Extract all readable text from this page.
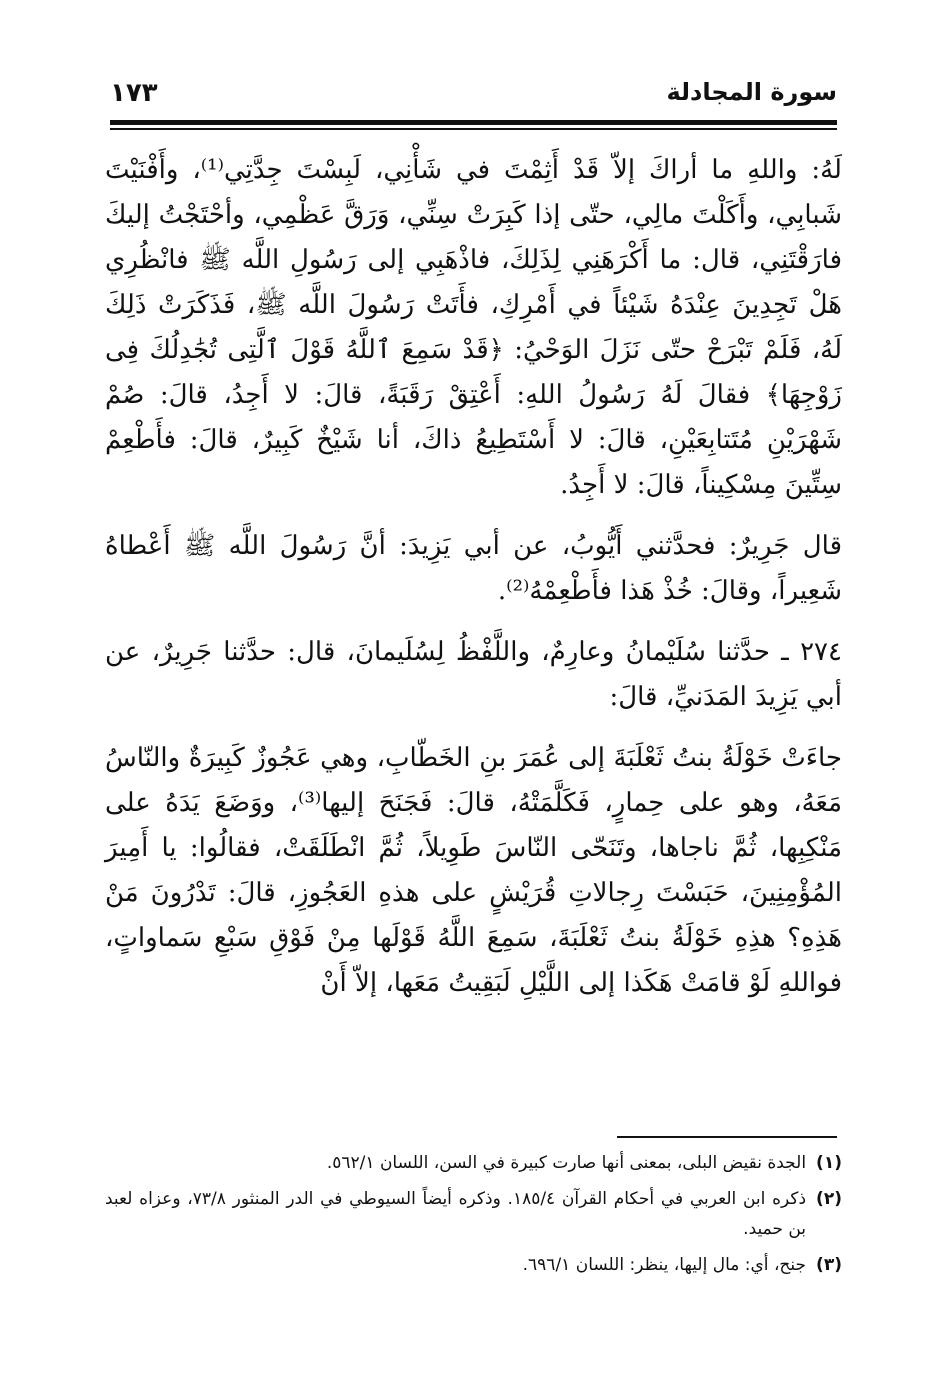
١٧٣	سورة المجادلة

لَهُ: واللهِ ما أراكَ إلاّ قَدْ أَثِمْتَ في شَأْنِي، لَبِسْتَ جِدَّتِي⁽¹⁾، وأَفْنَيْتَ شَبابِي، وأَكَلْتَ مالِي، حتّى إذا كَبِرَتْ سِنِّي، وَرَقَّ عَظْمِي، وأحْتَجْتُ إليكَ فارَقْتَنِي، قال: ما أَكْرَهَنِي لِذَلِكَ، فاذْهَبِي إلى رَسُولِ اللَّه ﷺ فانْظُرِي هَلْ تَجِدِينَ عِنْدَهُ شَيْئاً في أَمْرِكِ، فأَتَتْ رَسُولَ اللَّه ﷺ، فَذَكَرَتْ ذَلِكَ لَهُ، فَلَمْ تَبْرَحْ حتّى نَزَلَ الوَحْيُ: ﴿قَدْ سَمِعَ ٱللَّهُ قَوْلَ ٱلَّتِى تُجَٰدِلُكَ فِى زَوْجِهَا﴾ فقالَ لَهُ رَسُولُ اللهِ: أَعْتِقْ رَقَبَةً، قالَ: لا أَجِدُ، قالَ: صُمْ شَهْرَيْنِ مُتَتابِعَيْنِ، قالَ: لا أَسْتَطِيعُ ذاكَ، أنا شَيْخٌ كَبِيرٌ، قالَ: فأَطْعِمْ سِتِّينَ مِسْكِيناً، قالَ: لا أَجِدُ.

قال جَرِيرٌ: فحدَّثني أَيُّوبُ، عن أبي يَزِيدَ: أنَّ رَسُولَ اللَّه ﷺ أَعْطاهُ شَعِيراً، وقالَ: خُذْ هَذا فأَطْعِمْهُ⁽²⁾.

٢٧٤ ـ حدَّثنا سُلَيْمانُ وعارِمٌ، واللَّفْظُ لِسُلَيمانَ، قال: حدَّثنا جَرِيرٌ، عن أبي يَزِيدَ المَدَنيِّ، قالَ:

جاءَتْ خَوْلَةُ بنتُ ثَعْلَبَةَ إلى عُمَرَ بنِ الخَطّابِ، وهي عَجُوزٌ كَبِيرَةٌ والنّاسُ مَعَهُ، وهو على حِمارٍ، فَكَلَّمَتْهُ، قالَ: فَجَنَحَ إليها⁽³⁾، ووَضَعَ يَدَهُ على مَنْكِبِها، ثُمَّ ناجاها، وتَنَحّى النّاسَ طَوِيلاً، ثُمَّ انْطَلَقَتْ، فقالُوا: يا أَمِيرَ المُؤْمِنِينَ، حَبَسْتَ رِجالاتِ قُرَيْشٍ على هذهِ العَجُوزِ، قالَ: تَدْرُونَ مَنْ هَذِهِ؟ هذِهِ خَوْلَةُ بنتُ ثَعْلَبَةَ، سَمِعَ اللَّهُ قَوْلَها مِنْ فَوْقِ سَبْعِ سَماواتٍ، فواللهِ لَوْ قامَتْ هَكَذا إلى اللَّيْلِ لَبَقِيتُ مَعَها، إلاّ أَنْ

(١)
الجدة نقيض البلى، بمعنى أنها صارت كبيرة في السن، اللسان ٥٦٢/١.
(٢)
ذكره ابن العربي في أحكام القرآن ١٨٥/٤. وذكره أيضاً السيوطي في الدر المنثور ٧٣/٨، وعزاه لعبد بن حميد.
(٣)
جنح، أي: مال إليها، ينظر: اللسان ٦٩٦/١.
